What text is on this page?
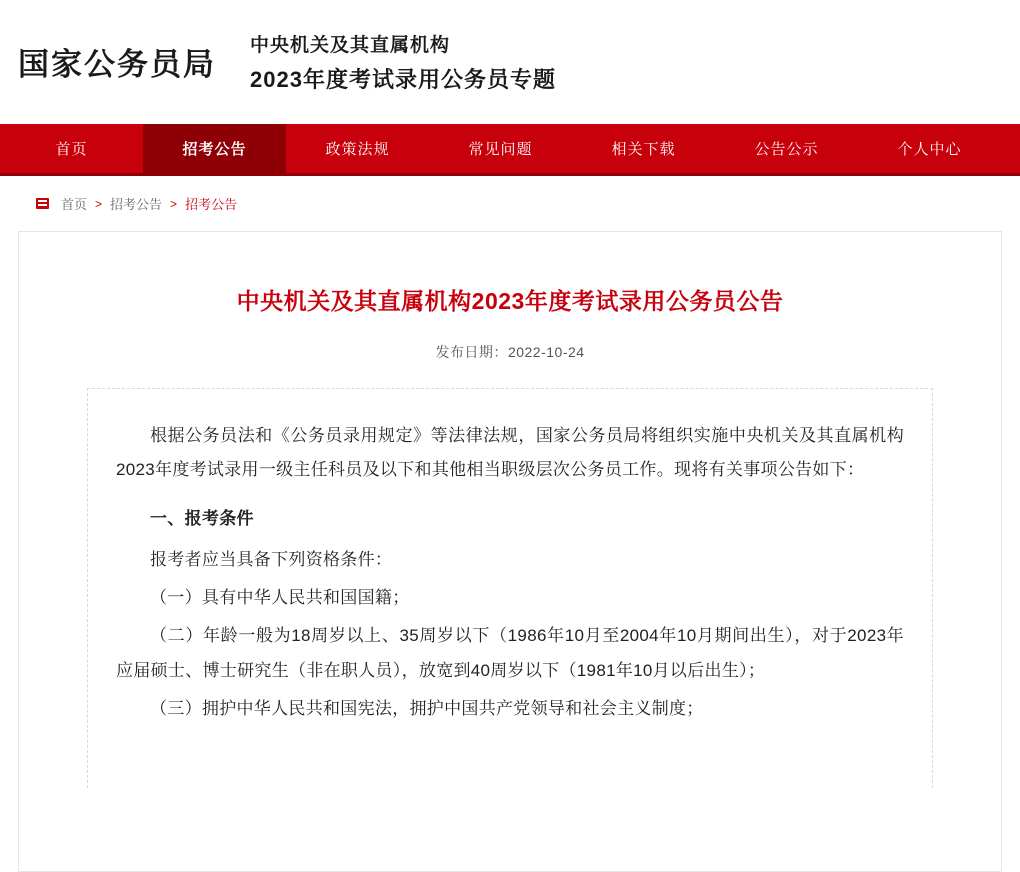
国家公务员局
中央机关及其直属机构
2023年度考试录用公务员专题
首页	招考公告	政策法规	常见问题	相关下载	公告公示	个人中心
首页 > 招考公告 > 招考公告
中央机关及其直属机构2023年度考试录用公务员公告
发布日期：2022-10-24

根据公务员法和《公务员录用规定》等法律法规，国家公务员局将组织实施中央机关及其直属机构2023年度考试录用一级主任科员及以下和其他相当职级层次公务员工作。现将有关事项公告如下：

一、报考条件

报考者应当具备下列资格条件：

（一）具有中华人民共和国国籍；

（二）年龄一般为18周岁以上、35周岁以下（1986年10月至2004年10月期间出生），对于2023年应届硕士、博士研究生（非在职人员），放宽到40周岁以下（1981年10月以后出生）；

（三）拥护中华人民共和国宪法，拥护中国共产党领导和社会主义制度；
